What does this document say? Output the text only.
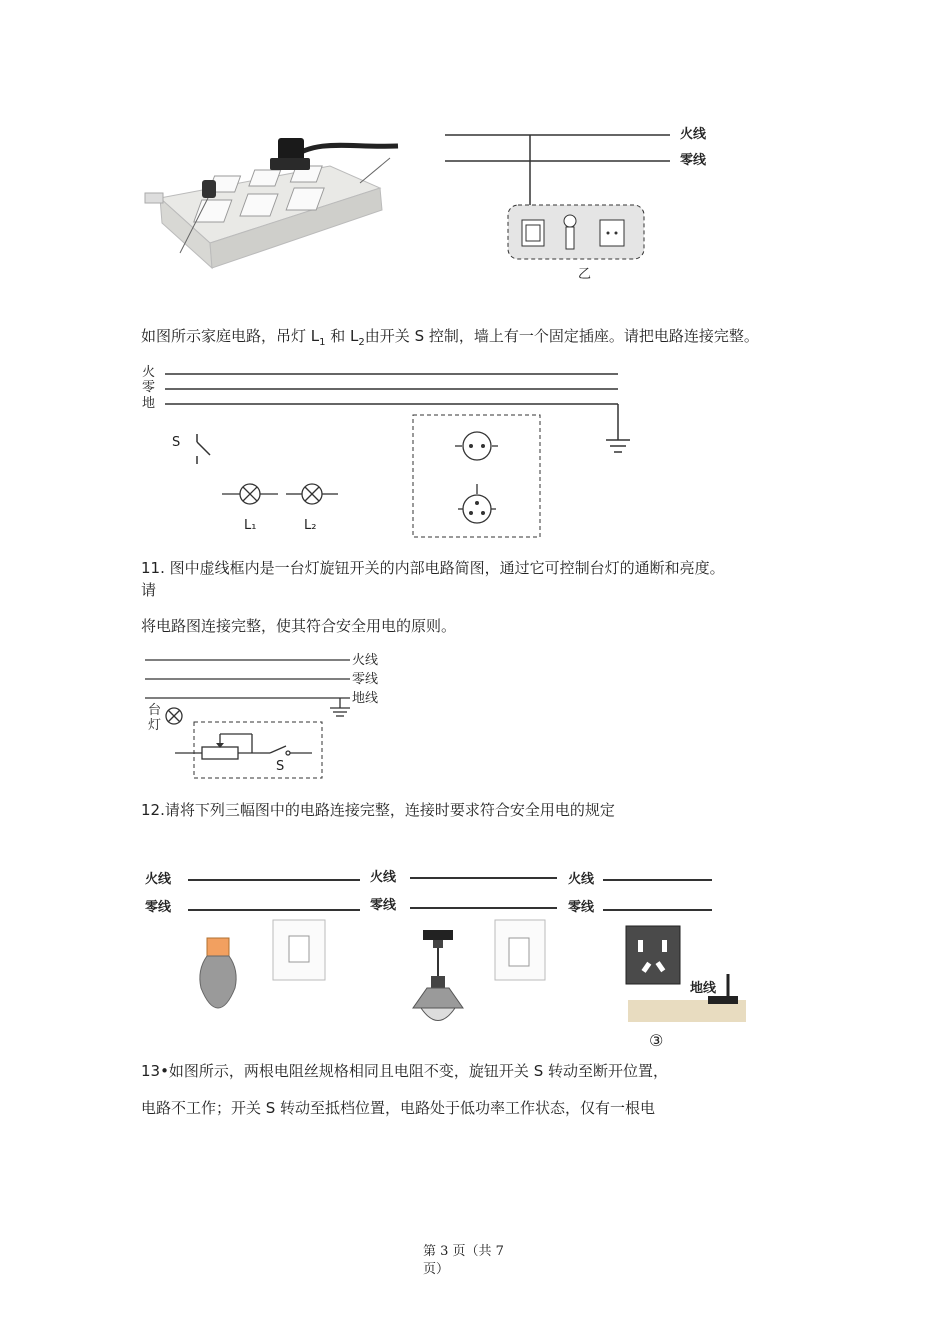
火线
零线
乙
如图所示家庭电路，吊灯 $L_1$ 和 $L_2$由开关 S 控制，墙上有一个固定插座。请把电路连接完整。
火
零
地
S
L₁	L₂
11. 图中虚线框内是一台灯旋钮开关的内部电路简图，通过它可控制台灯的通断和亮度。
请
将电路图连接完整，使其符合安全用电的原则。
火线
零线
地线
台
灯
S
12.请将下列三幅图中的电路连接完整，连接时要求符合安全用电的规定
火线
零线
火线
零线
火线
零线
地线
③
13•如图所示，两根电阻丝规格相同且电阻不变，旋钮开关 S 转动至断开位置，
电路不工作；开关 S 转动至抵档位置，电路处于低功率工作状态，仅有一根电
第 3 页（共 7
页）
